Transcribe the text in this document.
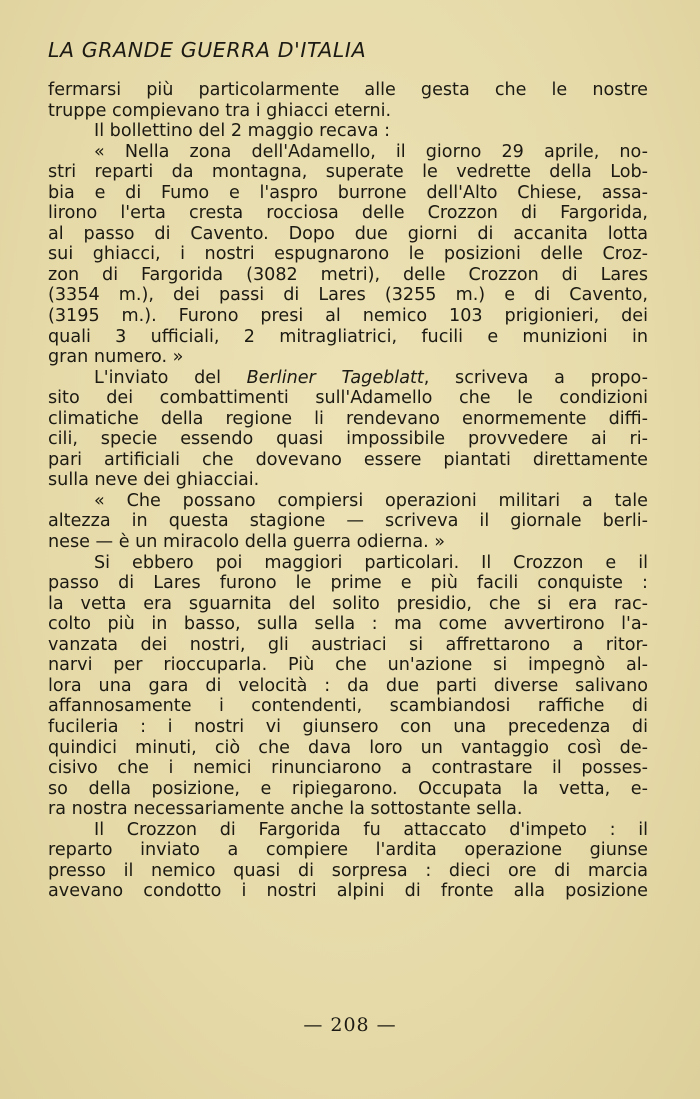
LA GRANDE GUERRA D'ITALIA
fermarsi più particolarmente alle gesta che le nostre
truppe compievano tra i ghiacci eterni.
Il bollettino del 2 maggio recava :
« Nella zona dell'Adamello, il giorno 29 aprile, no-
stri reparti da montagna, superate le vedrette della Lob-
bia e di Fumo e l'aspro burrone dell'Alto Chiese, assa-
lirono l'erta cresta rocciosa delle Crozzon di Fargorida,
al passo di Cavento. Dopo due giorni di accanita lotta
sui ghiacci, i nostri espugnarono le posizioni delle Croz-
zon di Fargorida (3082 metri), delle Crozzon di Lares
(3354 m.), dei passi di Lares (3255 m.) e di Cavento,
(3195 m.). Furono presi al nemico 103 prigionieri, dei
quali 3 ufficiali, 2 mitragliatrici, fucili e munizioni in
gran numero. »
L'inviato del Berliner Tageblatt, scriveva a propo-
sito dei combattimenti sull'Adamello che le condizioni
climatiche della regione li rendevano enormemente diffi-
cili, specie essendo quasi impossibile provvedere ai ri-
pari artificiali che dovevano essere piantati direttamente
sulla neve dei ghiacciai.
« Che possano compiersi operazioni militari a tale
altezza in questa stagione — scriveva il giornale berli-
nese — è un miracolo della guerra odierna. »
Si ebbero poi maggiori particolari. Il Crozzon e il
passo di Lares furono le prime e più facili conquiste :
la vetta era sguarnita del solito presidio, che si era rac-
colto più in basso, sulla sella : ma come avvertirono l'a-
vanzata dei nostri, gli austriaci si affrettarono a ritor-
narvi per rioccuparla. Più che un'azione si impegnò al-
lora una gara di velocità : da due parti diverse salivano
affannosamente i contendenti, scambiandosi raffiche di
fucileria : i nostri vi giunsero con una precedenza di
quindici minuti, ciò che dava loro un vantaggio così de-
cisivo che i nemici rinunciarono a contrastare il posses-
so della posizione, e ripiegarono. Occupata la vetta, e-
ra nostra necessariamente anche la sottostante sella.
Il Crozzon di Fargorida fu attaccato d'impeto : il
reparto inviato a compiere l'ardita operazione giunse
presso il nemico quasi di sorpresa : dieci ore di marcia
avevano condotto i nostri alpini di fronte alla posizione
— 208 —
